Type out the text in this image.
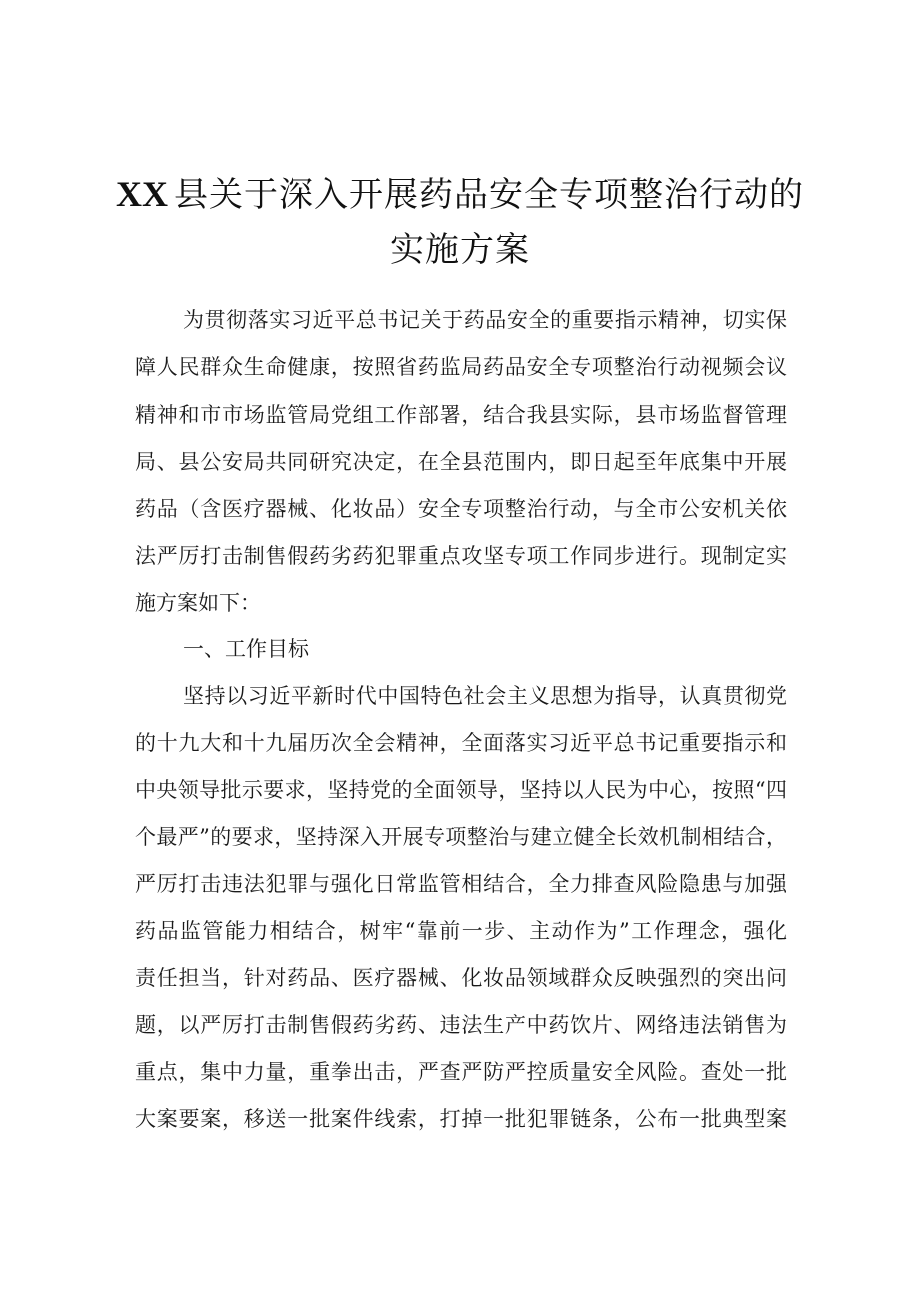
XX 县关于深入开展药品安全专项整治行动的
实施方案
为贯彻落实习近平总书记关于药品安全的重要指示精神，切实保
障人民群众生命健康，按照省药监局药品安全专项整治行动视频会议
精神和市市场监管局党组工作部署，结合我县实际，县市场监督管理
局、县公安局共同研究决定，在全县范围内，即日起至年底集中开展
药品（含医疗器械、化妆品）安全专项整治行动，与全市公安机关依
法严厉打击制售假药劣药犯罪重点攻坚专项工作同步进行。现制定实
施方案如下：
一、工作目标
坚持以习近平新时代中国特色社会主义思想为指导，认真贯彻党
的十九大和十九届历次全会精神，全面落实习近平总书记重要指示和
中央领导批示要求，坚持党的全面领导，坚持以人民为中心，按照“四
个最严”的要求，坚持深入开展专项整治与建立健全长效机制相结合，
严厉打击违法犯罪与强化日常监管相结合，全力排查风险隐患与加强
药品监管能力相结合，树牢“靠前一步、主动作为”工作理念，强化
责任担当，针对药品、医疗器械、化妆品领域群众反映强烈的突出问
题，以严厉打击制售假药劣药、违法生产中药饮片、网络违法销售为
重点，集中力量，重拳出击，严查严防严控质量安全风险。查处一批
大案要案，移送一批案件线索，打掉一批犯罪链条，公布一批典型案
